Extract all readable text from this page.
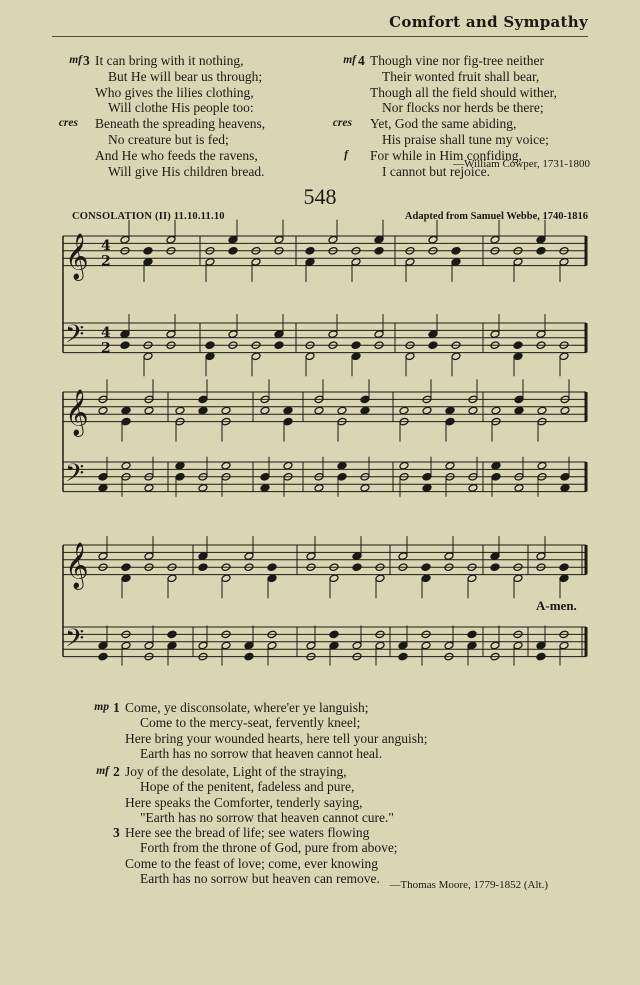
Comfort and Sympathy
mf 3 It can bring with it nothing,
But He will bear us through;
Who gives the lilies clothing,
Will clothe His people too:
cres Beneath the spreading heavens,
No creature but is fed;
And He who feeds the ravens,
Will give His children bread.
mf 4 Though vine nor fig-tree neither
Their wonted fruit shall bear,
Though all the field should wither,
Nor flocks nor herds be there;
cres Yet, God the same abiding,
His praise shall tune my voice;
f For while in Him confiding,
I cannot but rejoice.
—William Cowper, 1731-1800
548
CONSOLATION (II) 11.10.11.10	Adapted from Samuel Webbe, 1740-1816
𝄞 4
2
𝄢 4
2
𝄞
𝄢
𝄞
𝄢
A-men.
mp 1 Come, ye disconsolate, where'er ye languish;
Come to the mercy-seat, fervently kneel;
Here bring your wounded hearts, here tell your anguish;
Earth has no sorrow that heaven cannot heal.
mf 2 Joy of the desolate, Light of the straying,
Hope of the penitent, fadeless and pure,
Here speaks the Comforter, tenderly saying,
"Earth has no sorrow that heaven cannot cure."
3 Here see the bread of life; see waters flowing
Forth from the throne of God, pure from above;
Come to the feast of love; come, ever knowing
Earth has no sorrow but heaven can remove. —Thomas Moore, 1779-1852 (Alt.)
